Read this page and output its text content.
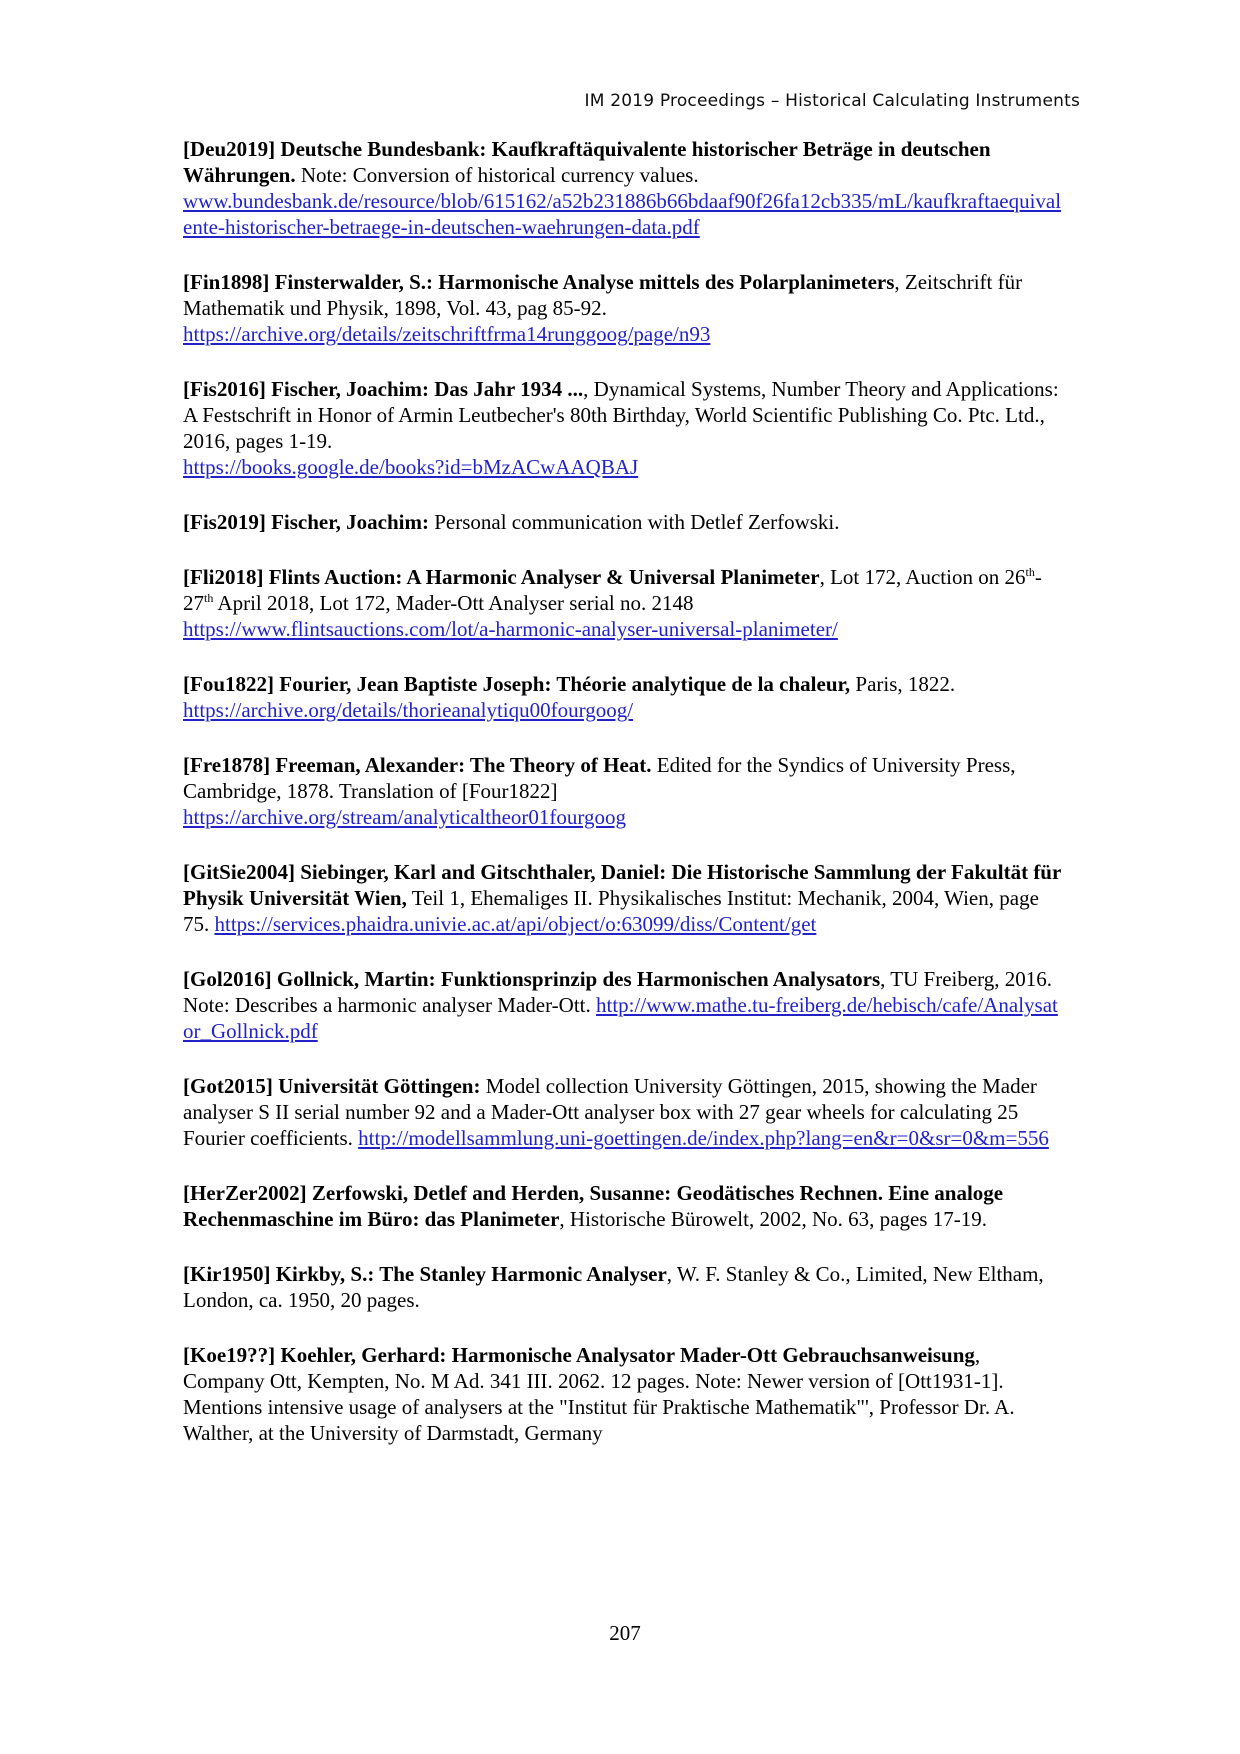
IM 2019 Proceedings – Historical Calculating Instruments

[Deu2019] Deutsche Bundesbank: Kaufkraftäquivalente historischer Beträge in deutschen Währungen. Note: Conversion of historical currency values.
www.bundesbank.de/resource/blob/615162/a52b231886b66bdaaf90f26fa12cb335/mL/kaufkraftaequivalente-historischer-betraege-in-deutschen-waehrungen-data.pdf

[Fin1898] Finsterwalder, S.: Harmonische Analyse mittels des Polarplanimeters, Zeitschrift für Mathematik und Physik, 1898, Vol. 43, pag 85-92.
https://archive.org/details/zeitschriftfrma14runggoog/page/n93

[Fis2016] Fischer, Joachim: Das Jahr 1934 ..., Dynamical Systems, Number Theory and Applications: A Festschrift in Honor of Armin Leutbecher's 80th Birthday, World Scientific Publishing Co. Ptc. Ltd., 2016, pages 1-19.
https://books.google.de/books?id=bMzACwAAQBAJ

[Fis2019] Fischer, Joachim: Personal communication with Detlef Zerfowski.

[Fli2018] Flints Auction: A Harmonic Analyser & Universal Planimeter, Lot 172, Auction on 26th-27th April 2018, Lot 172, Mader-Ott Analyser serial no. 2148
https://www.flintsauctions.com/lot/a-harmonic-analyser-universal-planimeter/

[Fou1822] Fourier, Jean Baptiste Joseph: Théorie analytique de la chaleur, Paris, 1822.
https://archive.org/details/thorieanalytiqu00fourgoog/

[Fre1878] Freeman, Alexander: The Theory of Heat. Edited for the Syndics of University Press, Cambridge, 1878. Translation of [Four1822]
https://archive.org/stream/analyticaltheor01fourgoog

[GitSie2004] Siebinger, Karl and Gitschthaler, Daniel: Die Historische Sammlung der Fakultät für Physik Universität Wien, Teil 1, Ehemaliges II. Physikalisches Institut: Mechanik, 2004, Wien, page 75. https://services.phaidra.univie.ac.at/api/object/o:63099/diss/Content/get

[Gol2016] Gollnick, Martin: Funktionsprinzip des Harmonischen Analysators, TU Freiberg, 2016. Note: Describes a harmonic analyser Mader-Ott. http://www.mathe.tu-freiberg.de/hebisch/cafe/Analysator_Gollnick.pdf

[Got2015] Universität Göttingen: Model collection University Göttingen, 2015, showing the Mader analyser S II serial number 92 and a Mader-Ott analyser box with 27 gear wheels for calculating 25 Fourier coefficients. http://modellsammlung.uni-goettingen.de/index.php?lang=en&r=0&sr=0&m=556

[HerZer2002] Zerfowski, Detlef and Herden, Susanne: Geodätisches Rechnen. Eine analoge Rechenmaschine im Büro: das Planimeter, Historische Bürowelt, 2002, No. 63, pages 17-19.

[Kir1950] Kirkby, S.: The Stanley Harmonic Analyser, W. F. Stanley & Co., Limited, New Eltham, London, ca. 1950, 20 pages.

[Koe19??] Koehler, Gerhard: Harmonische Analysator Mader-Ott Gebrauchsanweisung, Company Ott, Kempten, No. M Ad. 341 III. 2062. 12 pages. Note: Newer version of [Ott1931-1]. Mentions intensive usage of analysers at the "Institut für Praktische Mathematik"', Professor Dr. A. Walther, at the University of Darmstadt, Germany

207
